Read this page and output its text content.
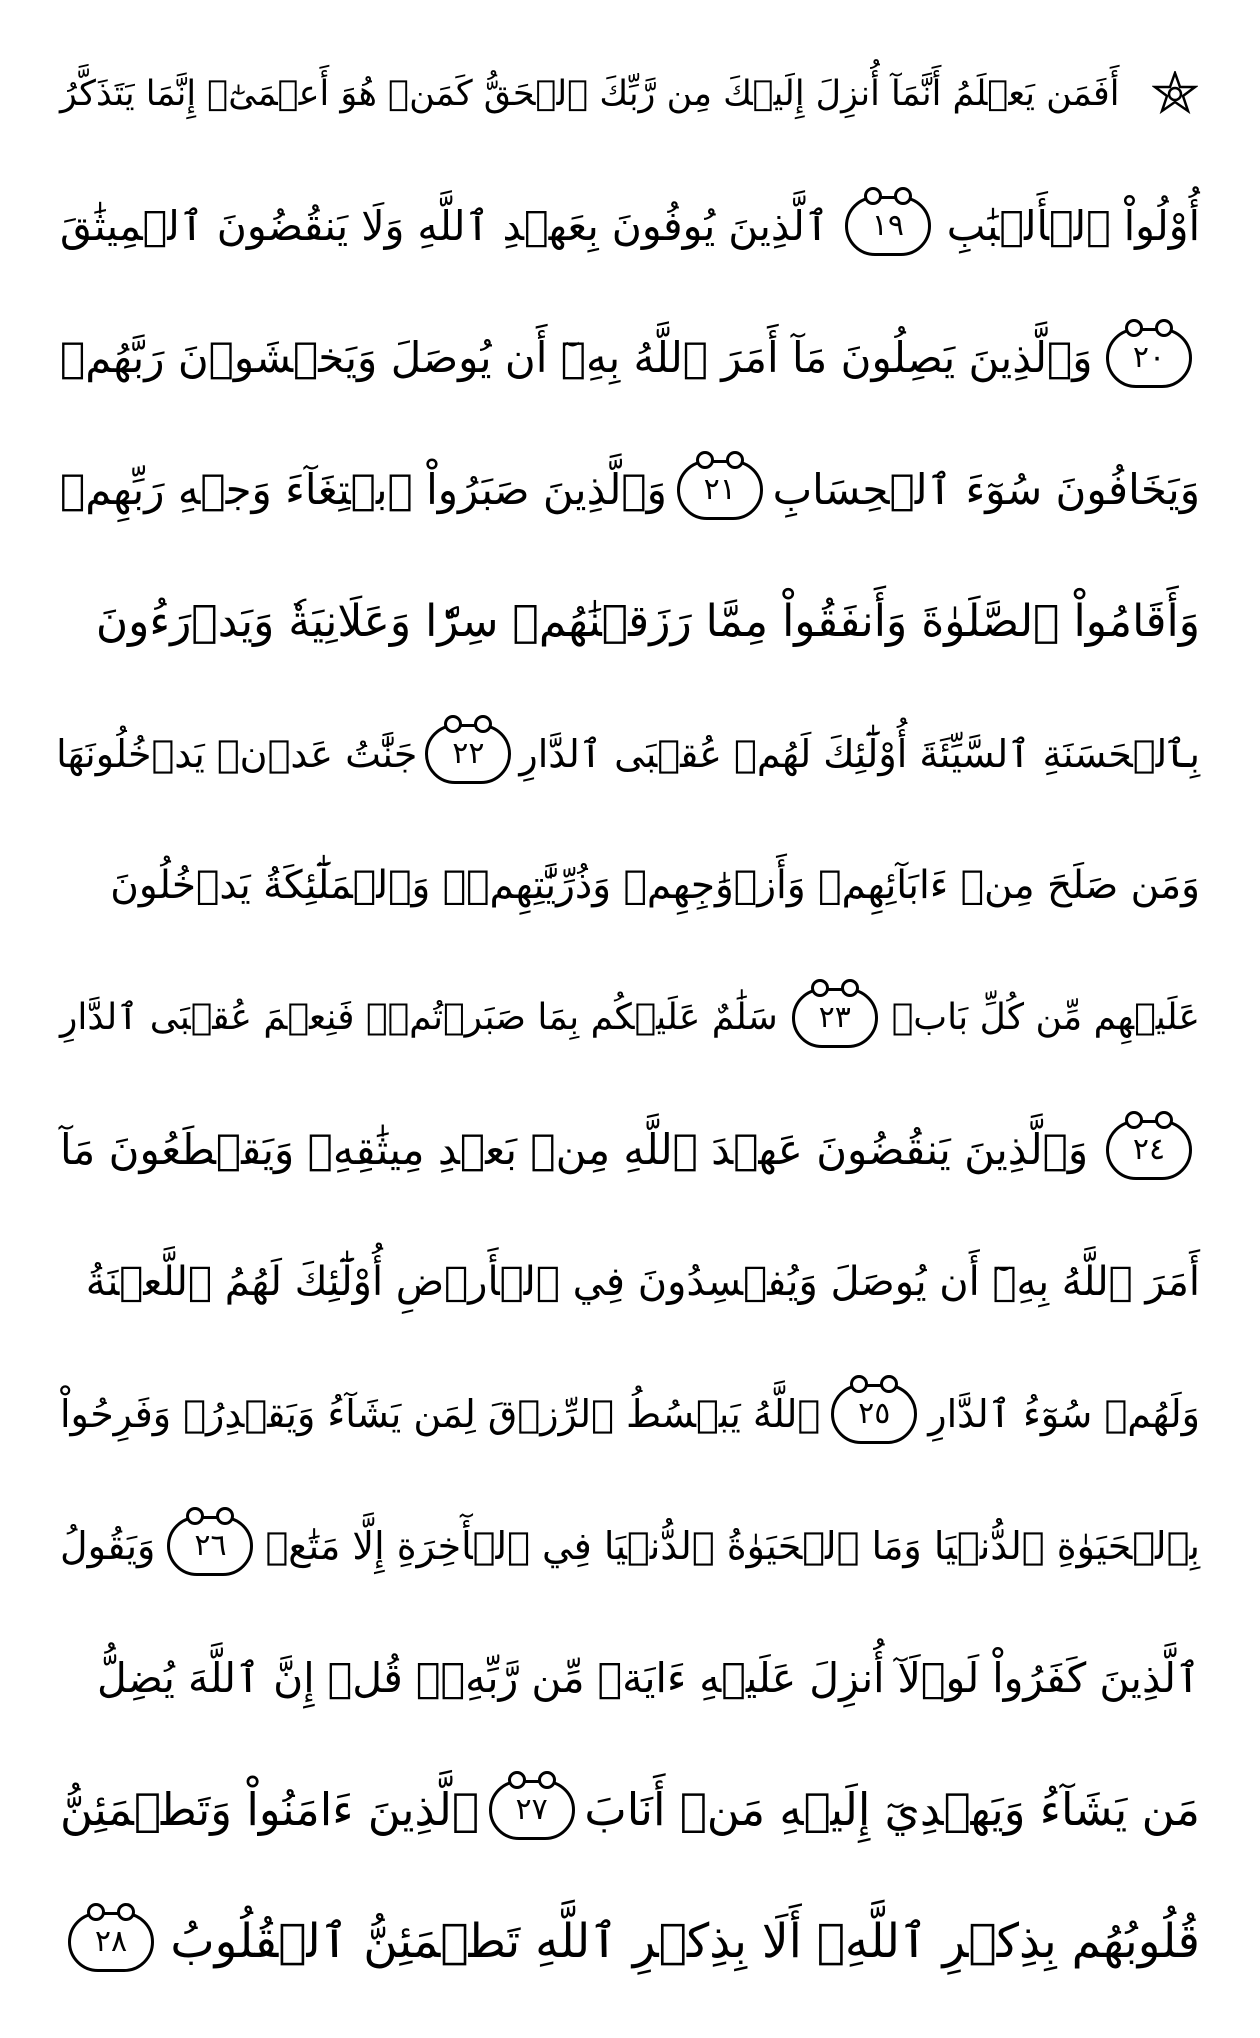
أَفَمَن يَعۡلَمُ أَنَّمَآ أُنزِلَ إِلَيۡكَ مِن رَّبِّكَ ٱلۡحَقُّ كَمَنۡ هُوَ أَعۡمَىٰٓۚ إِنَّمَا يَتَذَكَّرُ
أُوْلُواْ ٱلۡأَلۡبَٰبِ
١٩
ٱلَّذِينَ يُوفُونَ بِعَهۡدِ ٱللَّهِ وَلَا يَنقُضُونَ ٱلۡمِيثَٰقَ
٢٠
وَٱلَّذِينَ يَصِلُونَ مَآ أَمَرَ ٱللَّهُ بِهِۦٓ أَن يُوصَلَ وَيَخۡشَوۡنَ رَبَّهُمۡ
وَيَخَافُونَ سُوٓءَ ٱلۡحِسَابِ
٢١
وَٱلَّذِينَ صَبَرُواْ ٱبۡتِغَآءَ وَجۡهِ رَبِّهِمۡ
وَأَقَامُواْ ٱلصَّلَوٰةَ وَأَنفَقُواْ مِمَّا رَزَقۡنَٰهُمۡ سِرّٗا وَعَلَانِيَةٗ وَيَدۡرَءُونَ
بِٱلۡحَسَنَةِ ٱلسَّيِّئَةَ أُوْلَٰٓئِكَ لَهُمۡ عُقۡبَى ٱلدَّارِ
٢٢
جَنَّٰتُ عَدۡنٖ يَدۡخُلُونَهَا
وَمَن صَلَحَ مِنۡ ءَابَآئِهِمۡ وَأَزۡوَٰجِهِمۡ وَذُرِّيَّٰتِهِمۡۖ وَٱلۡمَلَٰٓئِكَةُ يَدۡخُلُونَ
عَلَيۡهِم مِّن كُلِّ بَابٖ
٢٣
سَلَٰمٌ عَلَيۡكُم بِمَا صَبَرۡتُمۡۚ فَنِعۡمَ عُقۡبَى ٱلدَّارِ
٢٤
وَٱلَّذِينَ يَنقُضُونَ عَهۡدَ ٱللَّهِ مِنۢ بَعۡدِ مِيثَٰقِهِۦ وَيَقۡطَعُونَ مَآ
أَمَرَ ٱللَّهُ بِهِۦٓ أَن يُوصَلَ وَيُفۡسِدُونَ فِي ٱلۡأَرۡضِ أُوْلَٰٓئِكَ لَهُمُ ٱللَّعۡنَةُ
وَلَهُمۡ سُوٓءُ ٱلدَّارِ
٢٥
ٱللَّهُ يَبۡسُطُ ٱلرِّزۡقَ لِمَن يَشَآءُ وَيَقۡدِرُۚ وَفَرِحُواْ
بِٱلۡحَيَوٰةِ ٱلدُّنۡيَا وَمَا ٱلۡحَيَوٰةُ ٱلدُّنۡيَا فِي ٱلۡأٓخِرَةِ إِلَّا مَتَٰعٞ
٢٦
وَيَقُولُ
ٱلَّذِينَ كَفَرُواْ لَوۡلَآ أُنزِلَ عَلَيۡهِ ءَايَةٞ مِّن رَّبِّهِۦۚ قُلۡ إِنَّ ٱللَّهَ يُضِلُّ
مَن يَشَآءُ وَيَهۡدِيٓ إِلَيۡهِ مَنۡ أَنَابَ
٢٧
ٱلَّذِينَ ءَامَنُواْ وَتَطۡمَئِنُّ
قُلُوبُهُم بِذِكۡرِ ٱللَّهِۗ أَلَا بِذِكۡرِ ٱللَّهِ تَطۡمَئِنُّ ٱلۡقُلُوبُ
٢٨
